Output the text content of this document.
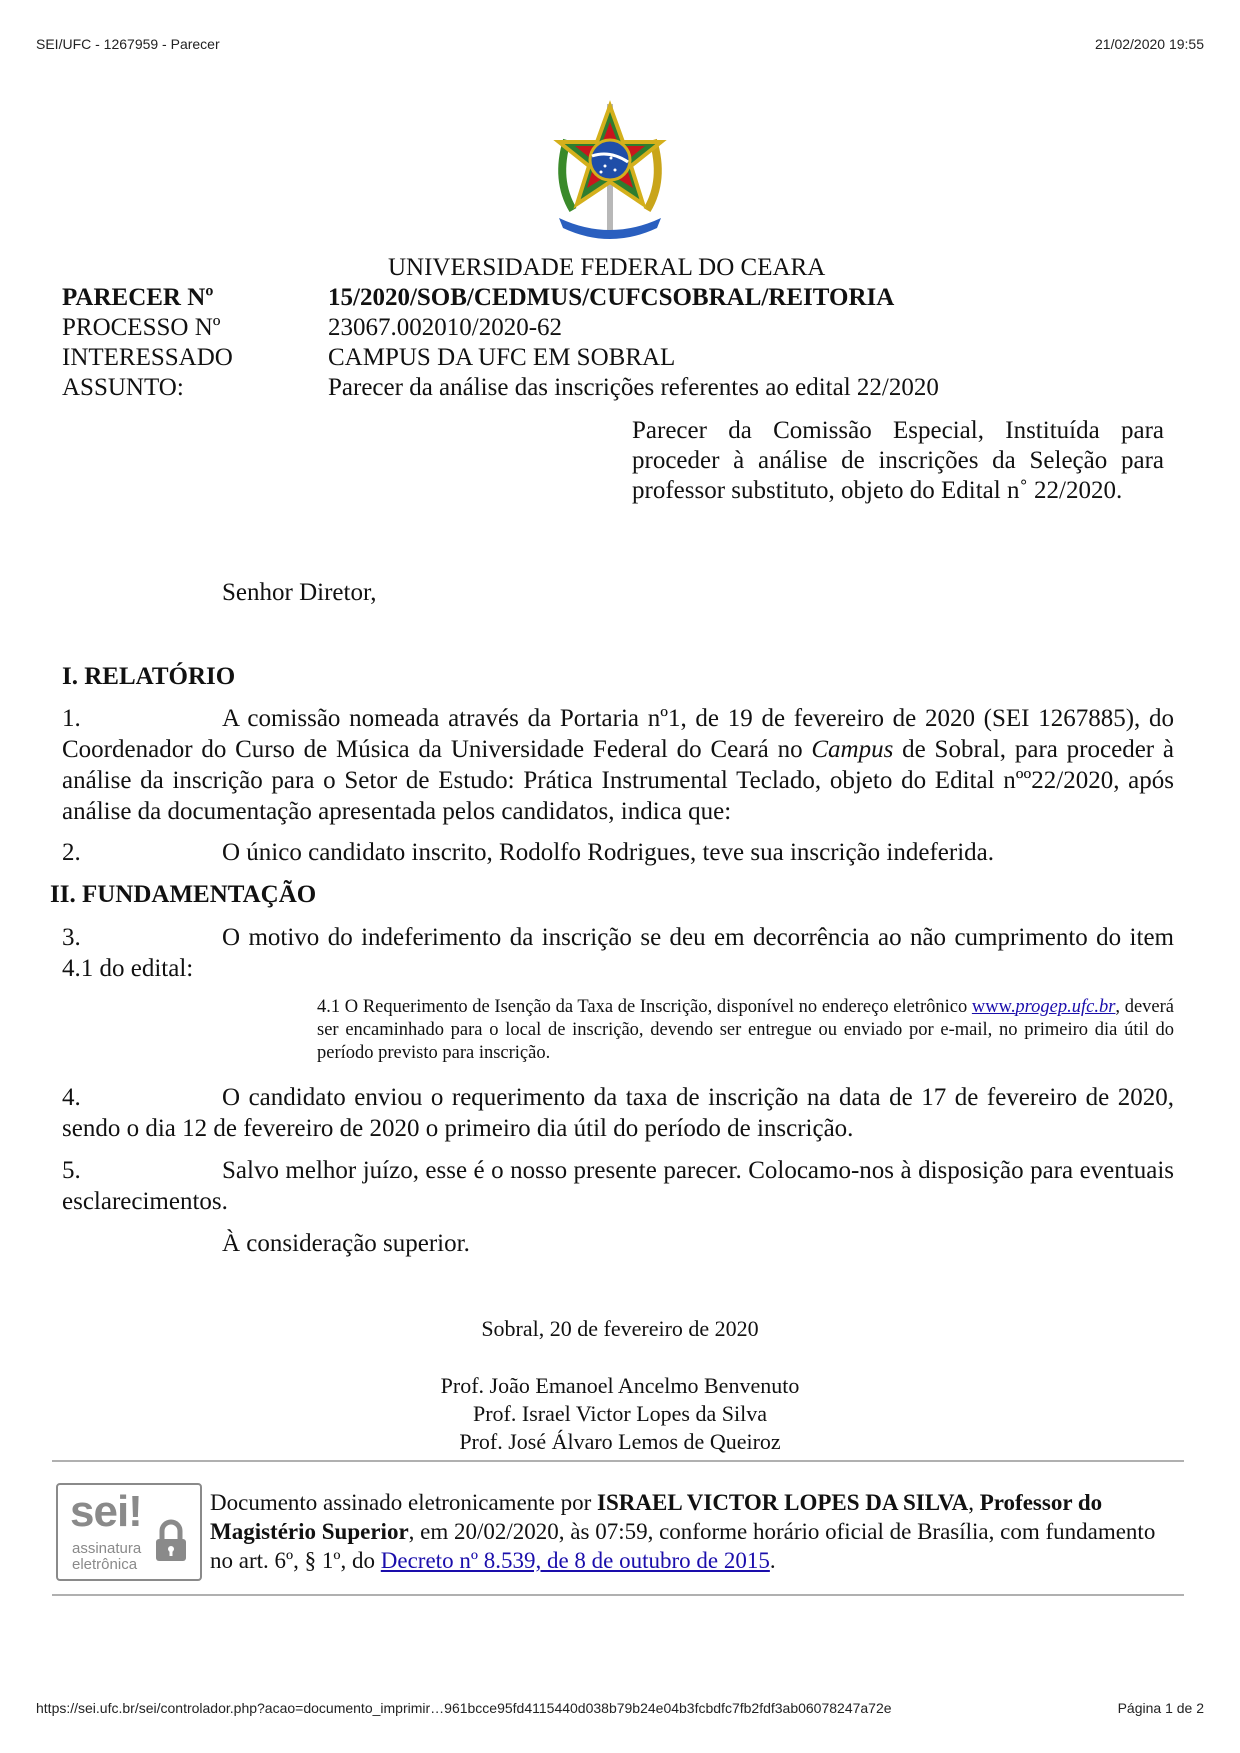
SEI/UFC - 1267959 - Parecer	21/02/2020 19:55
UNIVERSIDADE FEDERAL DO CEARA
PARECER Nº	15/2020/SOB/CEDMUS/CUFCSOBRAL/REITORIA
PROCESSO Nº	23067.002010/2020-62
INTERESSADO	CAMPUS DA UFC EM SOBRAL
ASSUNTO:	Parecer da análise das inscrições referentes ao edital 22/2020
Parecer da Comissão Especial, Instituída para proceder à análise de inscrições da Seleção para professor substituto, objeto do Edital n˚ 22/2020.
Senhor Diretor,
I. RELATÓRIO
1.	A comissão nomeada através da Portaria nº1, de 19 de fevereiro de 2020 (SEI 1267885), do Coordenador do Curso de Música da Universidade Federal do Ceará no Campus de Sobral, para proceder à análise da inscrição para o Setor de Estudo: Prática Instrumental Teclado, objeto do Edital nºº22/2020, após análise da documentação apresentada pelos candidatos, indica que:
2.	O único candidato inscrito, Rodolfo Rodrigues, teve sua inscrição indeferida.
II. FUNDAMENTAÇÃO
3.	O motivo do indeferimento da inscrição se deu em decorrência ao não cumprimento do item 4.1 do edital:
4.1 O Requerimento de Isenção da Taxa de Inscrição, disponível no endereço eletrônico www.progep.ufc.br, deverá ser encaminhado para o local de inscrição, devendo ser entregue ou enviado por e-mail, no primeiro dia útil do período previsto para inscrição.
4.	O candidato enviou o requerimento da taxa de inscrição na data de 17 de fevereiro de 2020, sendo o dia 12 de fevereiro de 2020 o primeiro dia útil do período de inscrição.
5.	Salvo melhor juízo, esse é o nosso presente parecer. Colocamo-nos à disposição para eventuais esclarecimentos.
À consideração superior.
Sobral, 20 de fevereiro de 2020
Prof. João Emanoel Ancelmo Benvenuto
Prof. Israel Victor Lopes da Silva
Prof. José Álvaro Lemos de Queiroz
sei!
assinatura
eletrônica
Documento assinado eletronicamente por ISRAEL VICTOR LOPES DA SILVA, Professor do Magistério Superior, em 20/02/2020, às 07:59, conforme horário oficial de Brasília, com fundamento no art. 6º, § 1º, do Decreto nº 8.539, de 8 de outubro de 2015.
https://sei.ufc.br/sei/controlador.php?acao=documento_imprimir…961bcce95fd4115440d038b79b24e04b3fcbdfc7fb2fdf3ab06078247a72e	Página 1 de 2
